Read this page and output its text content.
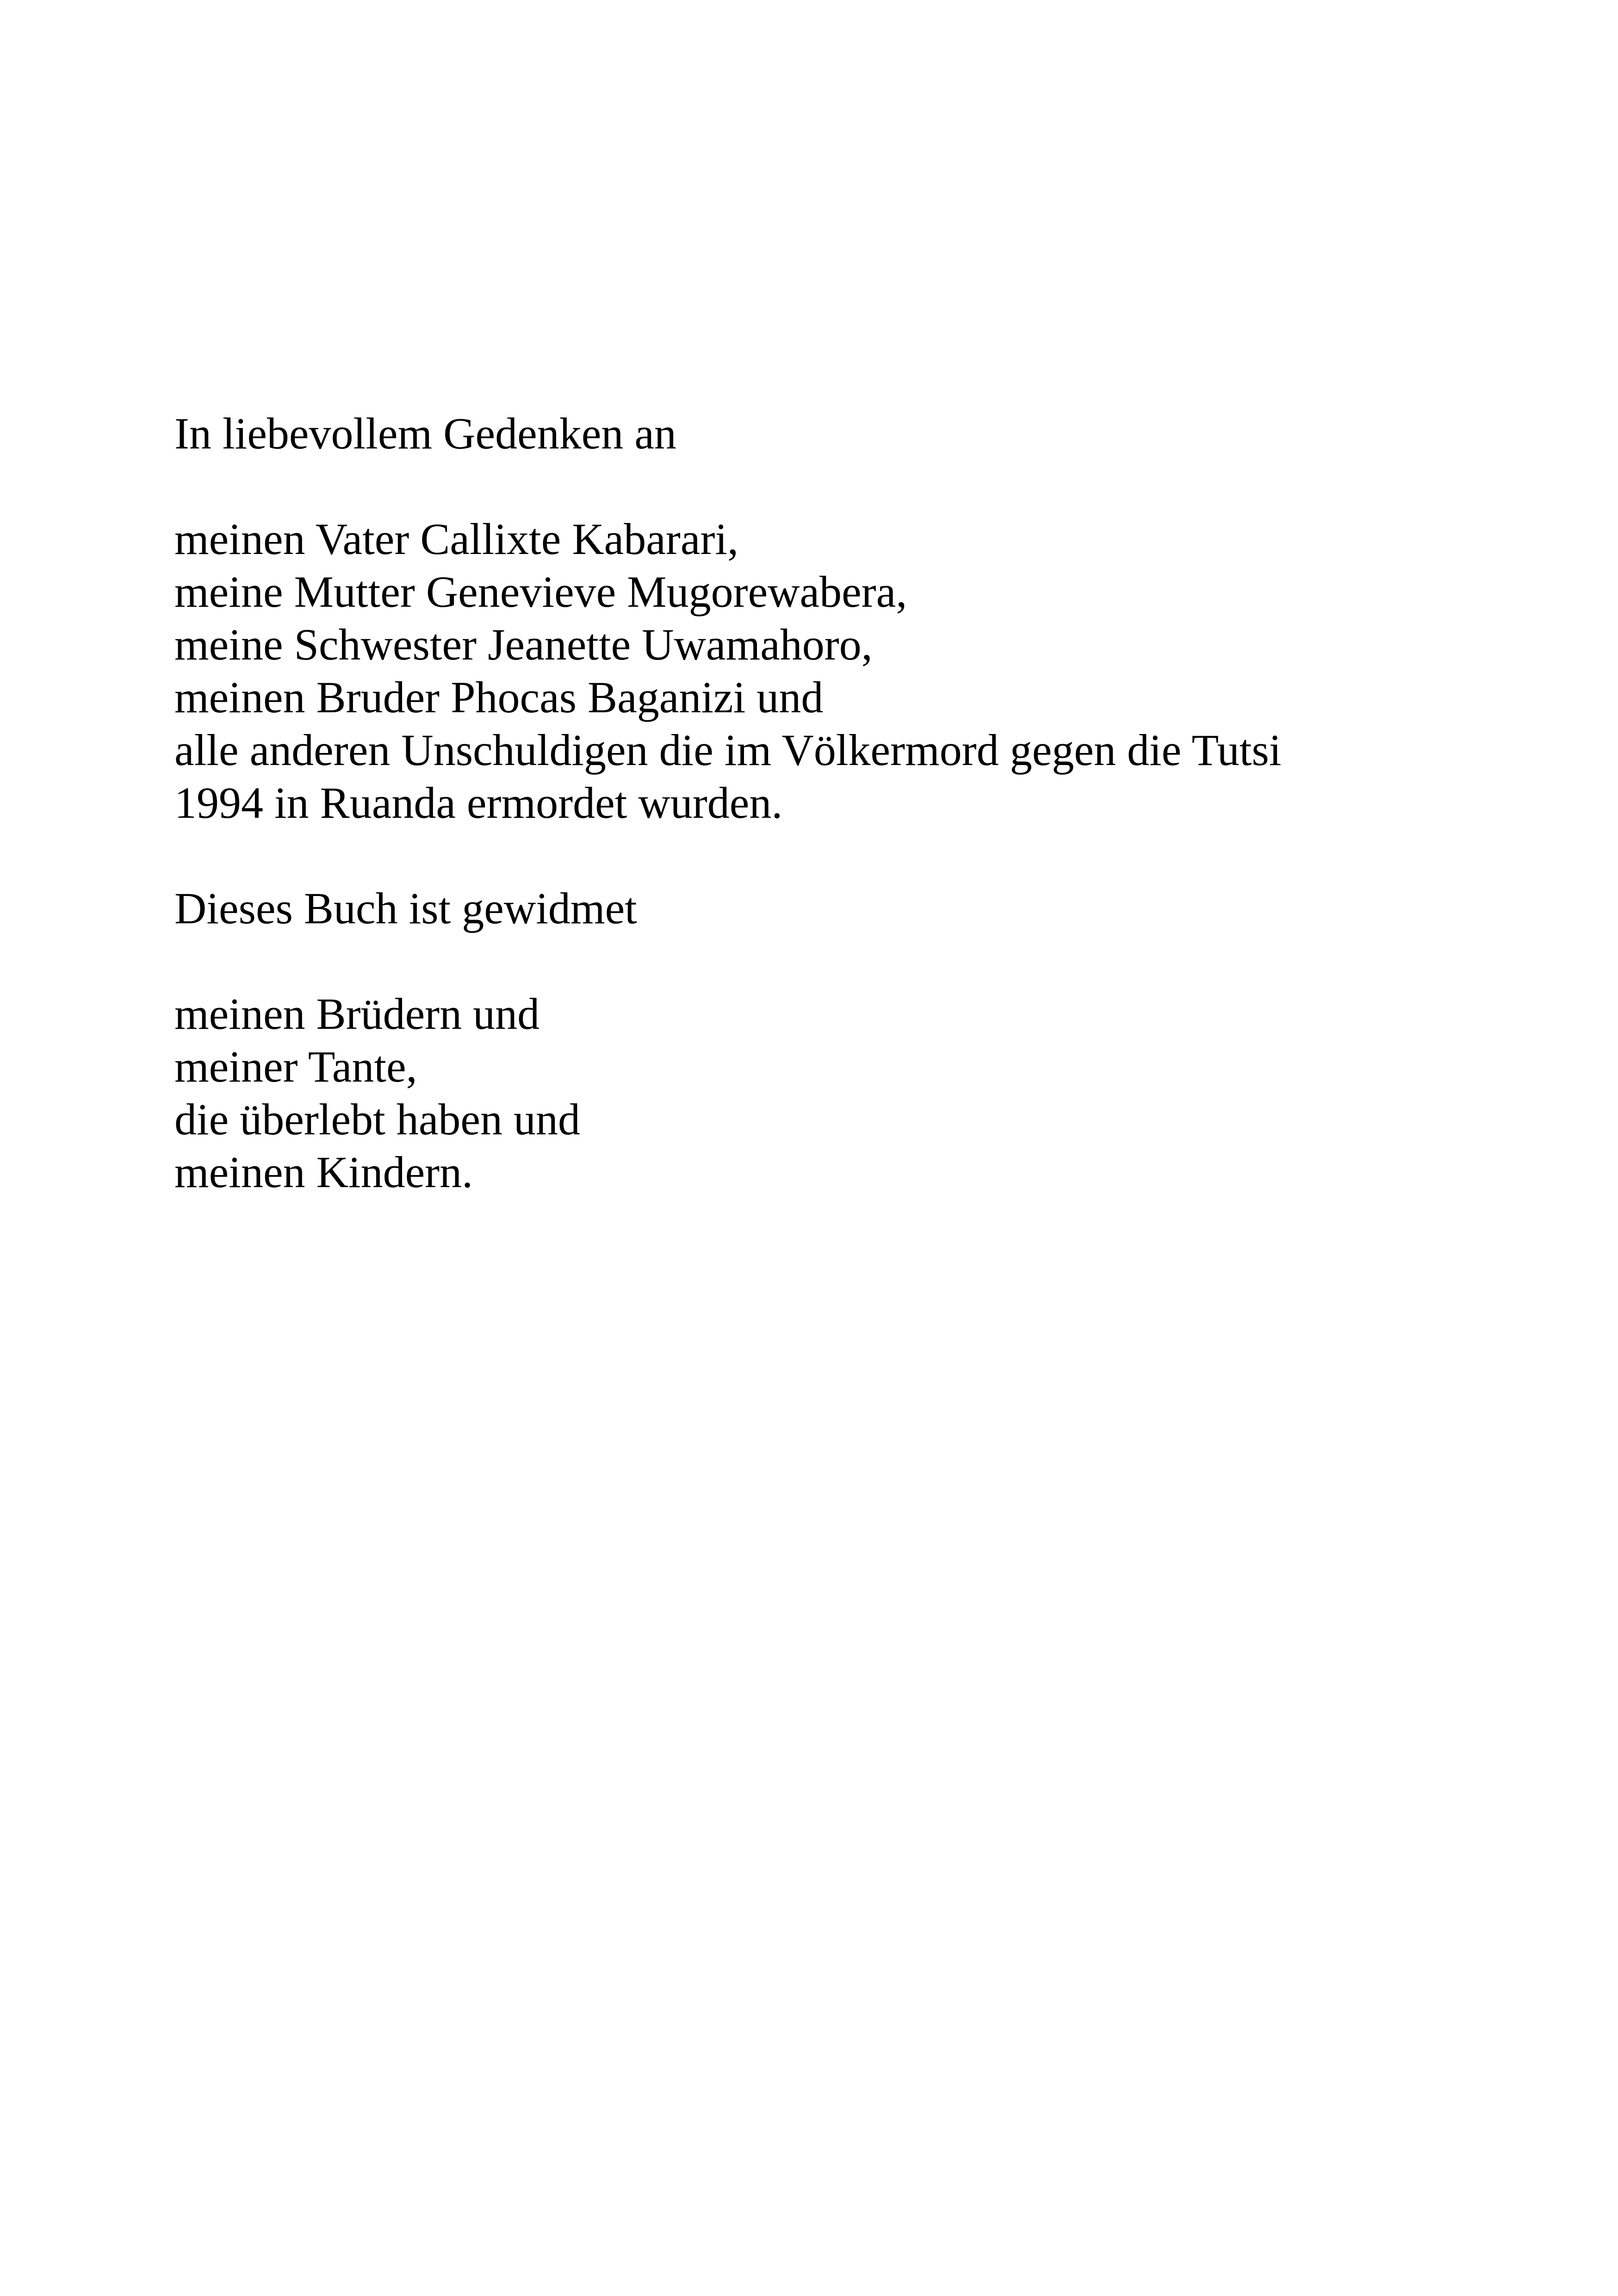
In liebevollem Gedenken an

meinen Vater Callixte Kabarari,
meine Mutter Genevieve Mugorewabera,
meine Schwester Jeanette Uwamahoro,
meinen Bruder Phocas Baganizi und
alle anderen Unschuldigen die im Völkermord gegen die Tutsi
1994 in Ruanda ermordet wurden.

Dieses Buch ist gewidmet

meinen Brüdern und
meiner Tante,
die überlebt haben und
meinen Kindern.
